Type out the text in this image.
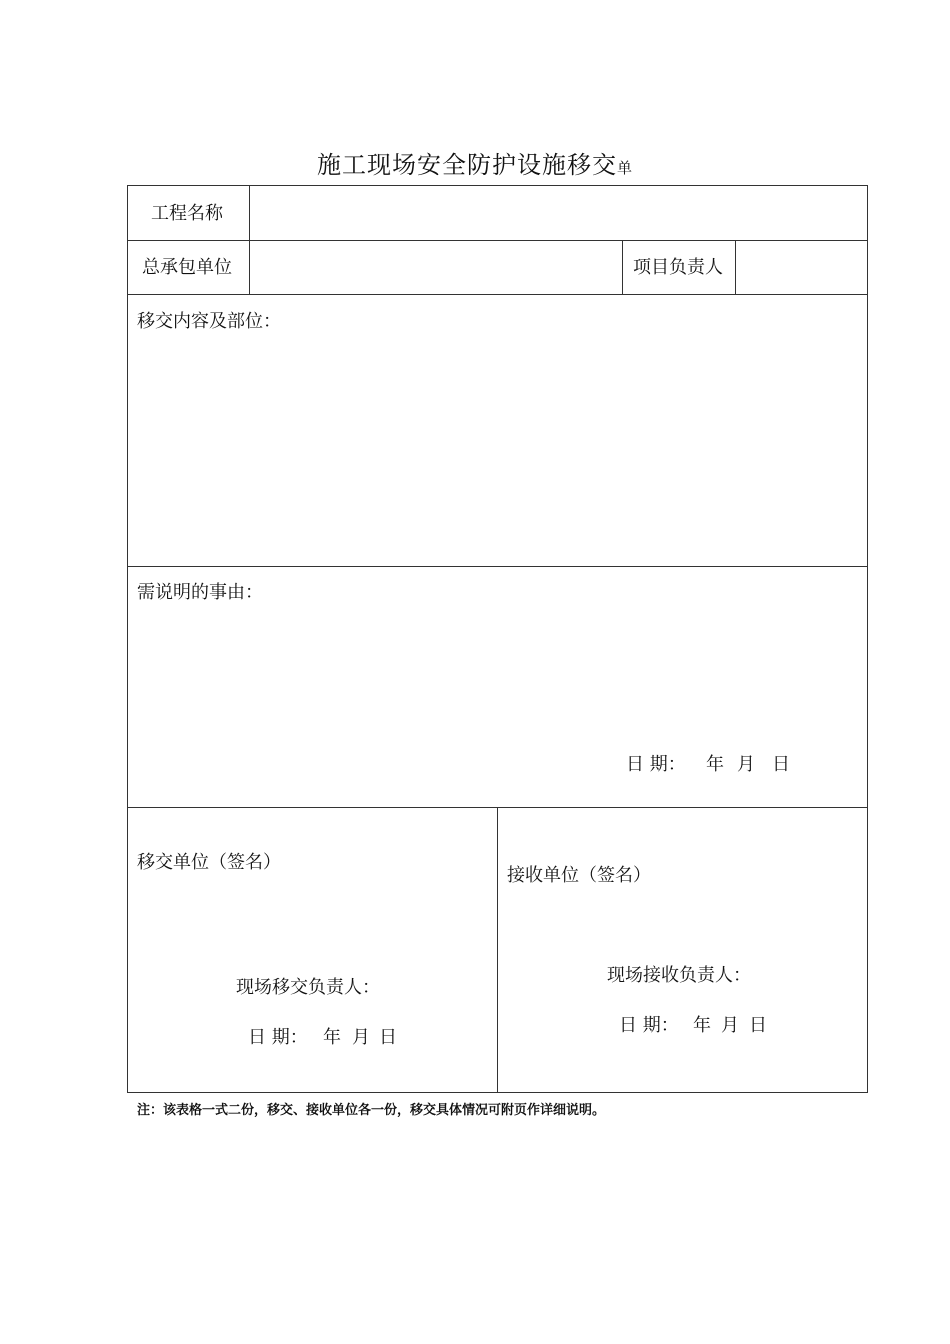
施工现场安全防护设施移交单
工程名称
总承包单位	项目负责人
移交内容及部位：
需说明的事由：
日 期： 年 月 日
移交单位（签名）
现场移交负责人：
日 期： 年 月 日
接收单位（签名）
现场接收负责人：
日 期： 年 月 日
注：该表格一式二份，移交、接收单位各一份，移交具体情况可附页作详细说明。
